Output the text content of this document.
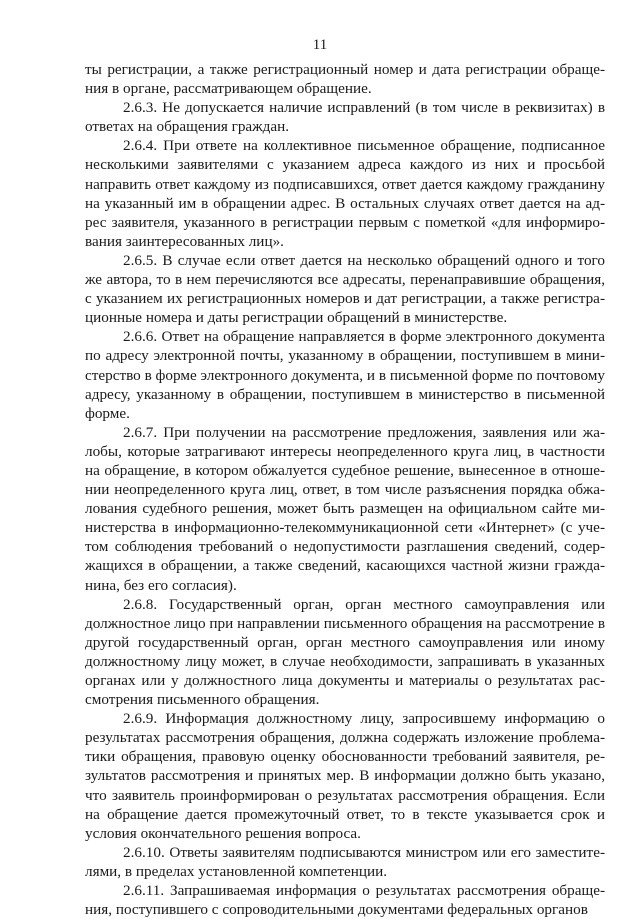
11

ты регистрации, а также регистрационный номер и дата регистрации обращения в органе, рассматривающем обращение.

2.6.3. Не допускается наличие исправлений (в том числе в реквизитах) в ответах на обращения граждан.

2.6.4. При ответе на коллективное письменное обращение, подписанное несколькими заявителями с указанием адреса каждого из них и просьбой направить ответ каждому из подписавшихся, ответ дается каждому гражданину на указанный им в обращении адрес. В остальных случаях ответ дается на адрес заявителя, указанного в регистрации первым с пометкой «для информирования заинтересованных лиц».

2.6.5. В случае если ответ дается на несколько обращений одного и того же автора, то в нем перечисляются все адресаты, перенаправившие обращения, с указанием их регистрационных номеров и дат регистрации, а также регистрационные номера и даты регистрации обращений в министерстве.

2.6.6. Ответ на обращение направляется в форме электронного документа по адресу электронной почты, указанному в обращении, поступившем в министерство в форме электронного документа, и в письменной форме по почтовому адресу, указанному в обращении, поступившем в министерство в письменной форме.

2.6.7. При получении на рассмотрение предложения, заявления или жалобы, которые затрагивают интересы неопределенного круга лиц, в частности на обращение, в котором обжалуется судебное решение, вынесенное в отношении неопределенного круга лиц, ответ, в том числе разъяснения порядка обжалования судебного решения, может быть размещен на официальном сайте министерства в информационно-телекоммуникационной сети «Интернет» (с учетом соблюдения требований о недопустимости разглашения сведений, содержащихся в обращении, а также сведений, касающихся частной жизни гражданина, без его согласия).

2.6.8. Государственный орган, орган местного самоуправления или должностное лицо при направлении письменного обращения на рассмотрение в другой государственный орган, орган местного самоуправления или иному должностному лицу может, в случае необходимости, запрашивать в указанных органах или у должностного лица документы и материалы о результатах рассмотрения письменного обращения.

2.6.9. Информация должностному лицу, запросившему информацию о результатах рассмотрения обращения, должна содержать изложение проблематики обращения, правовую оценку обоснованности требований заявителя, результатов рассмотрения и принятых мер. В информации должно быть указано, что заявитель проинформирован о результатах рассмотрения обращения. Если на обращение дается промежуточный ответ, то в тексте указывается срок и условия окончательного решения вопроса.

2.6.10. Ответы заявителям подписываются министром или его заместителями, в пределах установленной компетенции.

2.6.11. Запрашиваемая информация о результатах рассмотрения обращения, поступившего с сопроводительными документами федеральных органов
